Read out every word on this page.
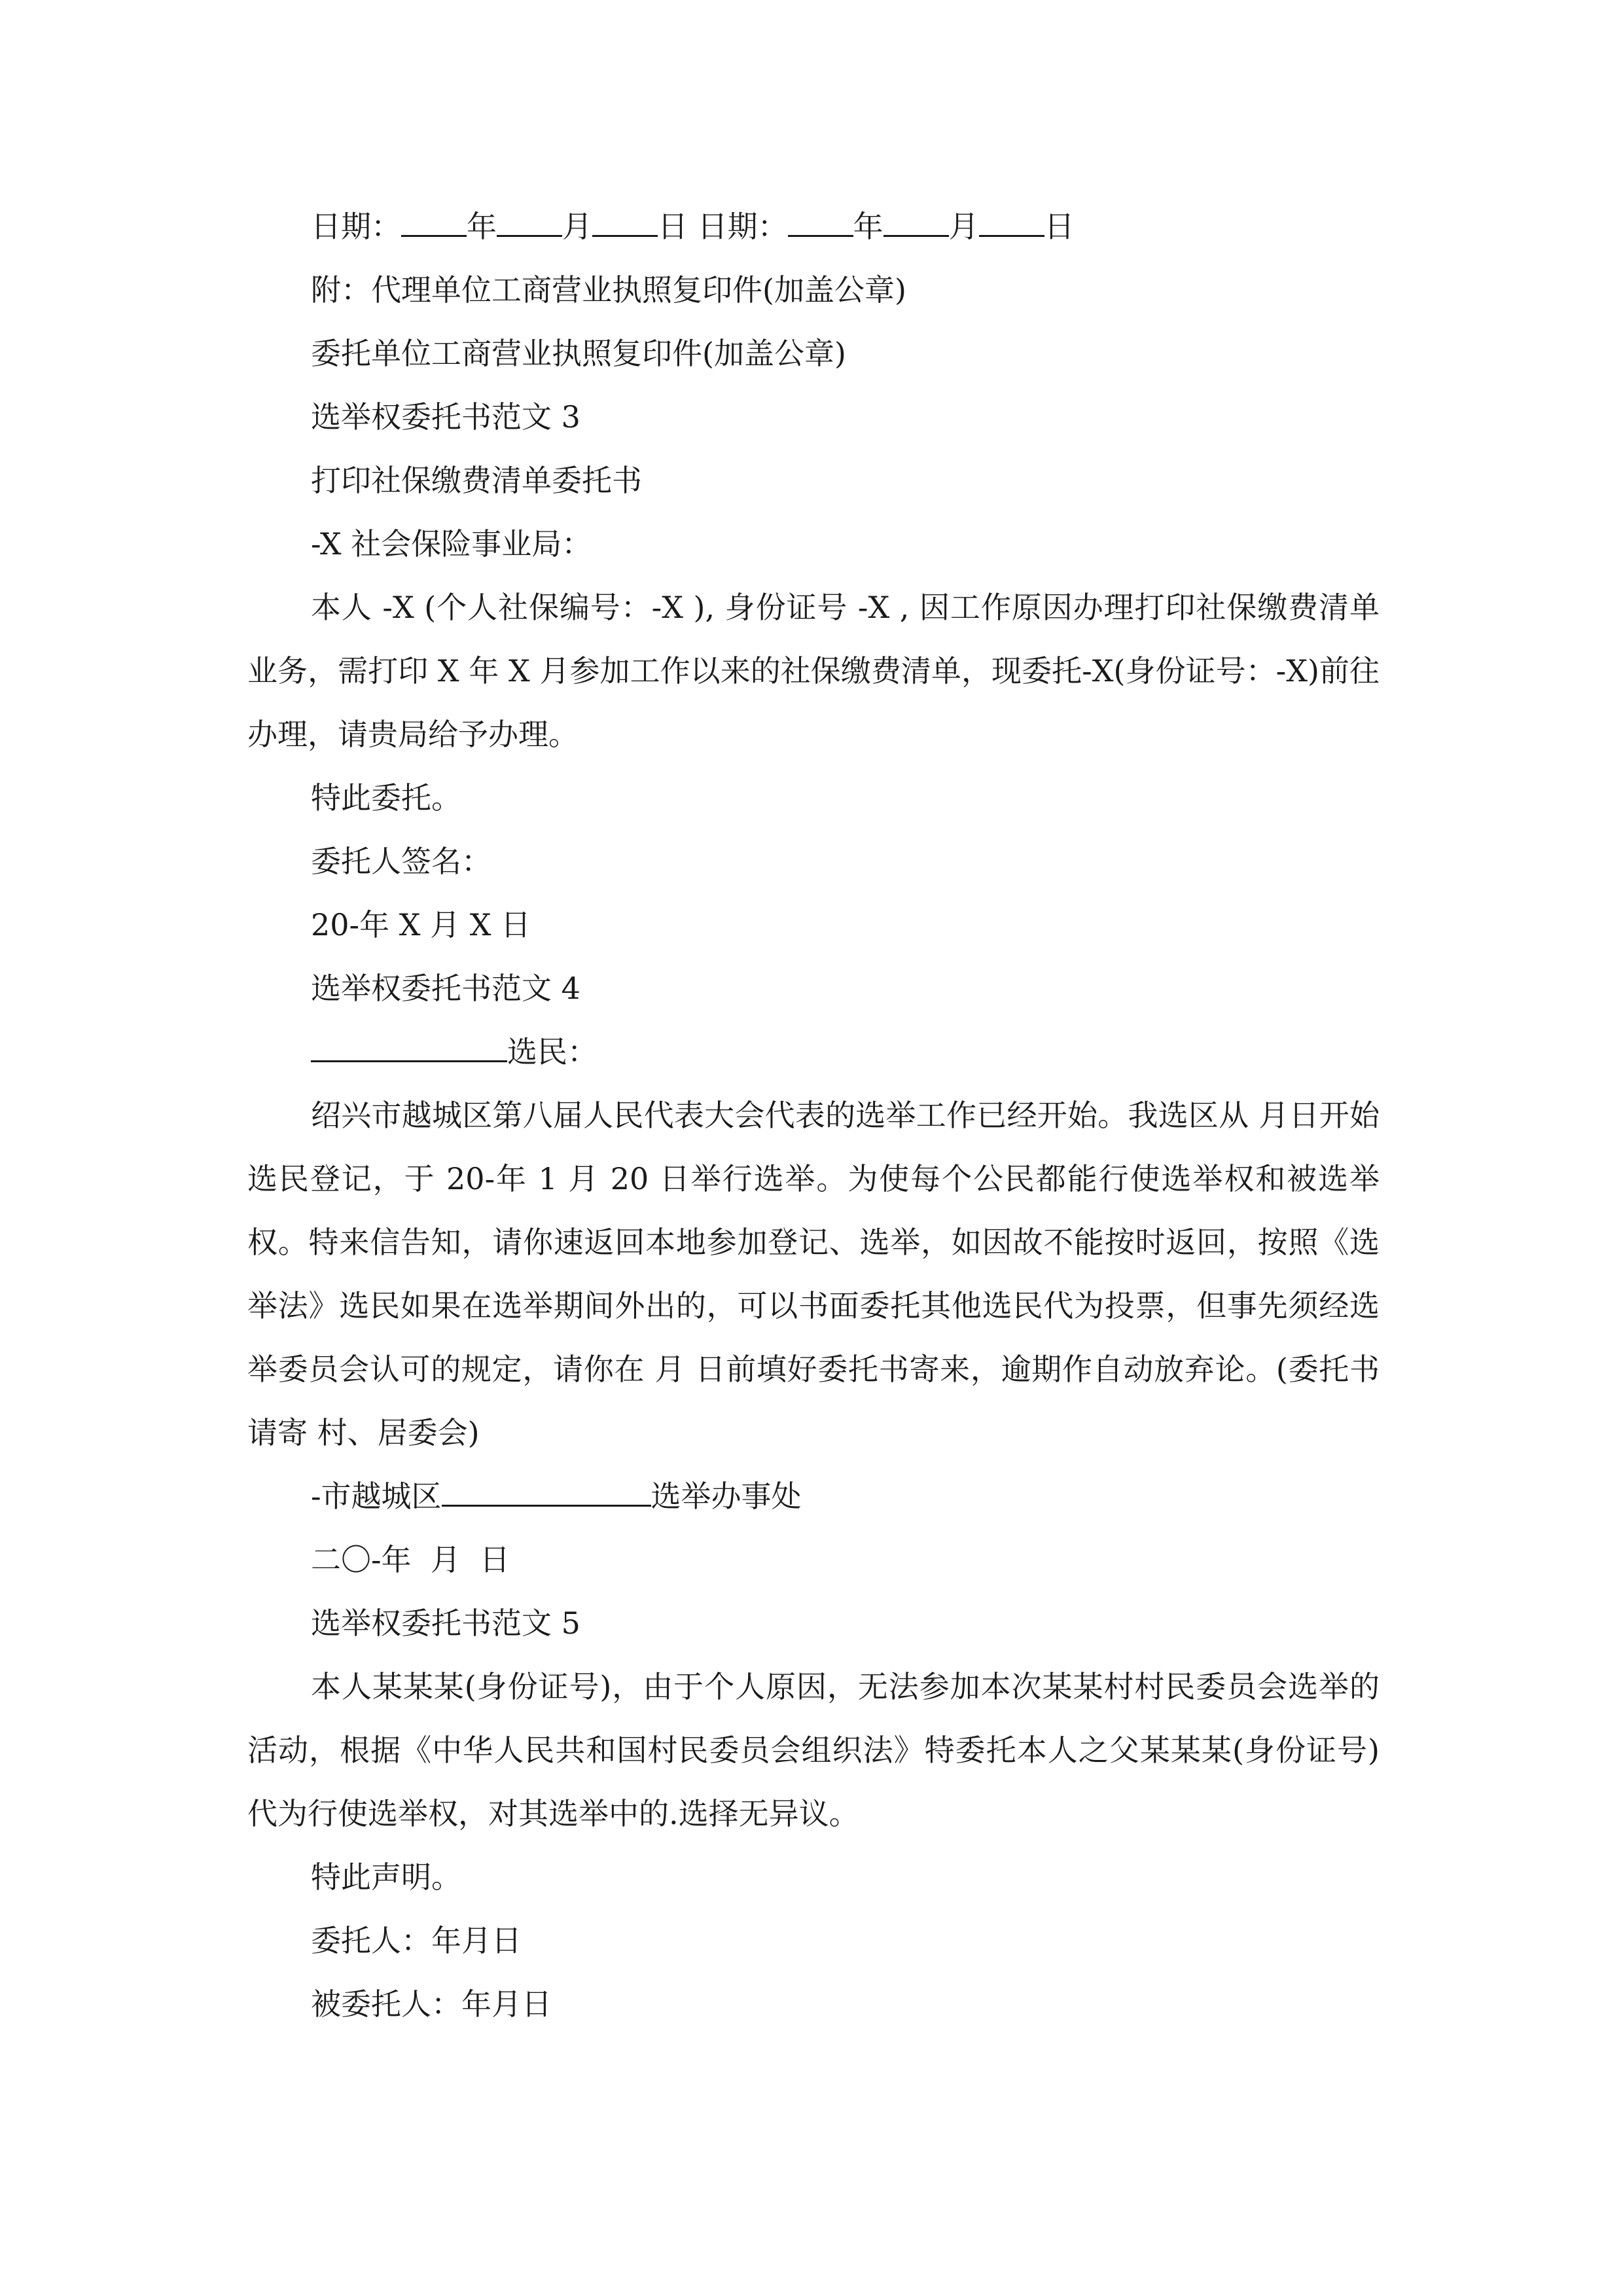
日期： 年 月 日 日期： 年 月 日

附：代理单位工商营业执照复印件(加盖公章)

委托单位工商营业执照复印件(加盖公章)

选举权委托书范文 3

打印社保缴费清单委托书

-X 社会保险事业局：

本人 -X (个人社保编号：-X ), 身份证号 -X , 因工作原因办理打印社保缴费清单业务，需打印 X 年 X 月参加工作以来的社保缴费清单，现委托-X(身份证号：-X)前往办理，请贵局给予办理。

特此委托。

委托人签名：

20-年 X 月 X 日

选举权委托书范文 4

选民：

绍兴市越城区第八届人民代表大会代表的选举工作已经开始。我选区从 月日开始选民登记，于 20-年 1 月 20 日举行选举。为使每个公民都能行使选举权和被选举权。特来信告知，请你速返回本地参加登记、选举，如因故不能按时返回，按照《选举法》选民如果在选举期间外出的，可以书面委托其他选民代为投票，但事先须经选举委员会认可的规定，请你在 月 日前填好委托书寄来，逾期作自动放弃论。(委托书请寄 村、居委会)

-市越城区	选举办事处

二〇-年  月  日

选举权委托书范文 5

本人某某某(身份证号)，由于个人原因，无法参加本次某某村村民委员会选举的活动，根据《中华人民共和国村民委员会组织法》特委托本人之父某某某(身份证号)代为行使选举权，对其选举中的.选择无异议。

特此声明。

委托人：年月日

被委托人：年月日
